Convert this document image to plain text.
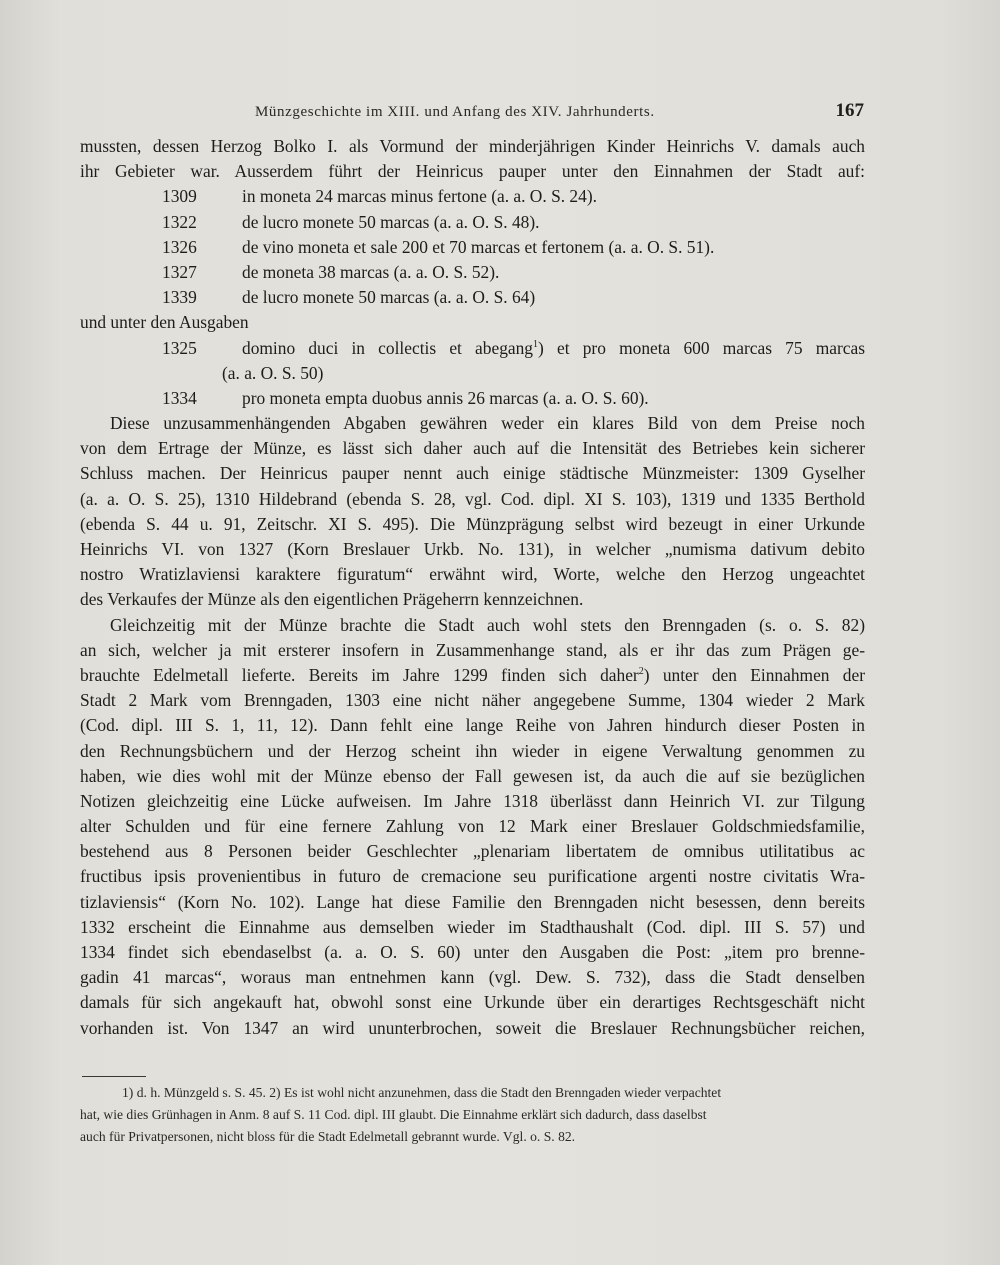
Münzgeschichte im XIII. und Anfang des XIV. Jahrhunderts.	167
mussten, dessen Herzog Bolko I. als Vormund der minderjährigen Kinder Heinrichs V. damals auch
ihr Gebieter war. Ausserdem führt der Heinricus pauper unter den Einnahmen der Stadt auf:
1309	in moneta 24 marcas minus fertone (a. a. O. S. 24).
1322	de lucro monete 50 marcas (a. a. O. S. 48).
1326	de vino moneta et sale 200 et 70 marcas et fertonem (a. a. O. S. 51).
1327	de moneta 38 marcas (a. a. O. S. 52).
1339	de lucro monete 50 marcas (a. a. O. S. 64)
und unter den Ausgaben
1325	domino duci in collectis et abegang$^1$) et pro moneta 600 marcas 75 marcas
(a. a. O. S. 50)
1334	pro moneta empta duobus annis 26 marcas (a. a. O. S. 60).
Diese unzusammenhängenden Abgaben gewähren weder ein klares Bild von dem Preise noch
von dem Ertrage der Münze, es lässt sich daher auch auf die Intensität des Betriebes kein sicherer
Schluss machen. Der Heinricus pauper nennt auch einige städtische Münzmeister: 1309 Gyselher
(a. a. O. S. 25), 1310 Hildebrand (ebenda S. 28, vgl. Cod. dipl. XI S. 103), 1319 und 1335 Berthold
(ebenda S. 44 u. 91, Zeitschr. XI S. 495). Die Münzprägung selbst wird bezeugt in einer Urkunde
Heinrichs VI. von 1327 (Korn Breslauer Urkb. No. 131), in welcher „numisma dativum debito
nostro Wratizlaviensi karaktere figuratum“ erwähnt wird, Worte, welche den Herzog ungeachtet
des Verkaufes der Münze als den eigentlichen Prägeherrn kennzeichnen.
Gleichzeitig mit der Münze brachte die Stadt auch wohl stets den Brenngaden (s. o. S. 82)
an sich, welcher ja mit ersterer insofern in Zusammenhange stand, als er ihr das zum Prägen ge-
brauchte Edelmetall lieferte. Bereits im Jahre 1299 finden sich daher$^2$) unter den Einnahmen der
Stadt 2 Mark vom Brenngaden, 1303 eine nicht näher angegebene Summe, 1304 wieder 2 Mark
(Cod. dipl. III S. 1, 11, 12). Dann fehlt eine lange Reihe von Jahren hindurch dieser Posten in
den Rechnungsbüchern und der Herzog scheint ihn wieder in eigene Verwaltung genommen zu
haben, wie dies wohl mit der Münze ebenso der Fall gewesen ist, da auch die auf sie bezüglichen
Notizen gleichzeitig eine Lücke aufweisen. Im Jahre 1318 überlässt dann Heinrich VI. zur Tilgung
alter Schulden und für eine fernere Zahlung von 12 Mark einer Breslauer Goldschmiedsfamilie,
bestehend aus 8 Personen beider Geschlechter „plenariam libertatem de omnibus utilitatibus ac
fructibus ipsis provenientibus in futuro de cremacione seu purificatione argenti nostre civitatis Wra-
tizlaviensis“ (Korn No. 102). Lange hat diese Familie den Brenngaden nicht besessen, denn bereits
1332 erscheint die Einnahme aus demselben wieder im Stadthaushalt (Cod. dipl. III S. 57) und
1334 findet sich ebendaselbst (a. a. O. S. 60) unter den Ausgaben die Post: „item pro brenne-
gadin 41 marcas“, woraus man entnehmen kann (vgl. Dew. S. 732), dass die Stadt denselben
damals für sich angekauft hat, obwohl sonst eine Urkunde über ein derartiges Rechtsgeschäft nicht
vorhanden ist. Von 1347 an wird ununterbrochen, soweit die Breslauer Rechnungsbücher reichen,
1) d. h. Münzgeld s. S. 45. 2) Es ist wohl nicht anzunehmen, dass die Stadt den Brenngaden wieder verpachtet
hat, wie dies Grünhagen in Anm. 8 auf S. 11 Cod. dipl. III glaubt. Die Einnahme erklärt sich dadurch, dass daselbst
auch für Privatpersonen, nicht bloss für die Stadt Edelmetall gebrannt wurde. Vgl. o. S. 82.
